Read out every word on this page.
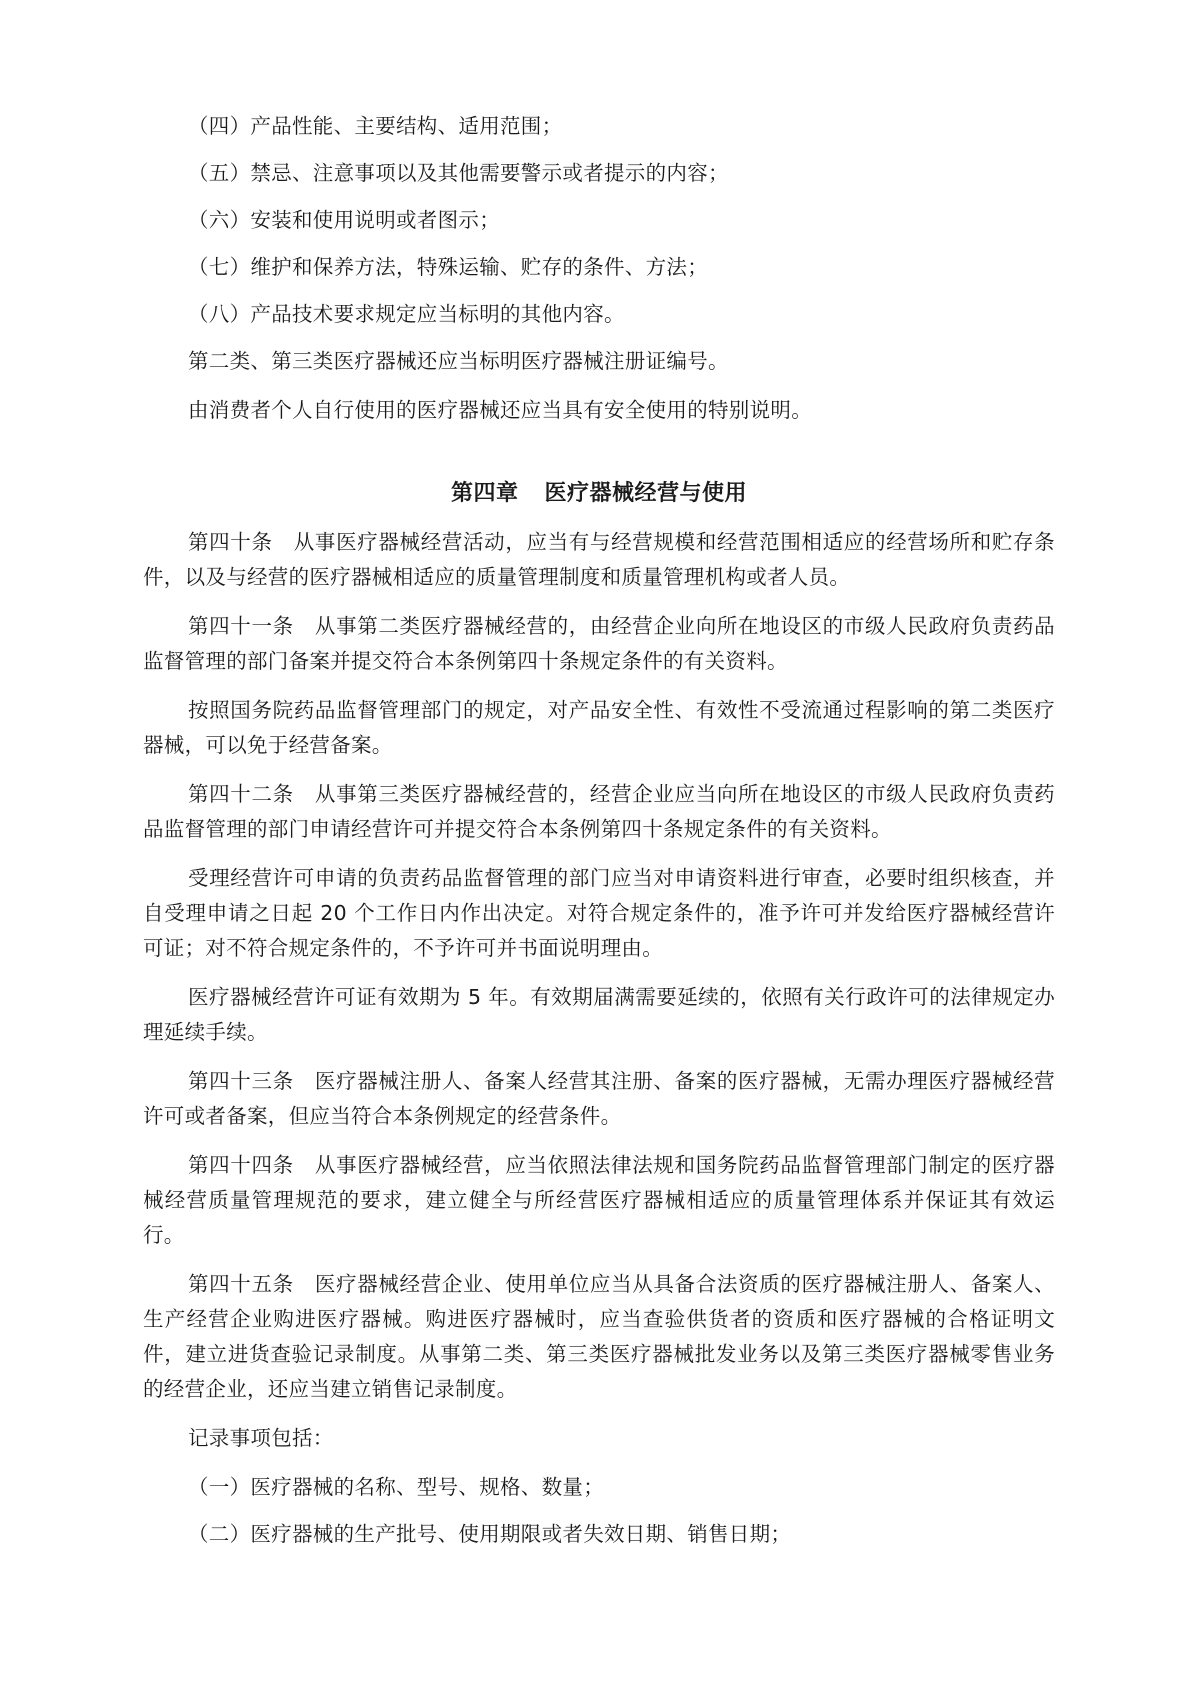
（四）产品性能、主要结构、适用范围；

（五）禁忌、注意事项以及其他需要警示或者提示的内容；

（六）安装和使用说明或者图示；

（七）维护和保养方法，特殊运输、贮存的条件、方法；

（八）产品技术要求规定应当标明的其他内容。

第二类、第三类医疗器械还应当标明医疗器械注册证编号。

由消费者个人自行使用的医疗器械还应当具有安全使用的特别说明。

第四章 医疗器械经营与使用

第四十条　从事医疗器械经营活动，应当有与经营规模和经营范围相适应的经营场所和贮存条件，以及与经营的医疗器械相适应的质量管理制度和质量管理机构或者人员。

第四十一条　从事第二类医疗器械经营的，由经营企业向所在地设区的市级人民政府负责药品监督管理的部门备案并提交符合本条例第四十条规定条件的有关资料。

按照国务院药品监督管理部门的规定，对产品安全性、有效性不受流通过程影响的第二类医疗器械，可以免于经营备案。

第四十二条　从事第三类医疗器械经营的，经营企业应当向所在地设区的市级人民政府负责药品监督管理的部门申请经营许可并提交符合本条例第四十条规定条件的有关资料。

受理经营许可申请的负责药品监督管理的部门应当对申请资料进行审查，必要时组织核查，并自受理申请之日起 20 个工作日内作出决定。对符合规定条件的，准予许可并发给医疗器械经营许可证；对不符合规定条件的，不予许可并书面说明理由。

医疗器械经营许可证有效期为 5 年。有效期届满需要延续的，依照有关行政许可的法律规定办理延续手续。

第四十三条　医疗器械注册人、备案人经营其注册、备案的医疗器械，无需办理医疗器械经营许可或者备案，但应当符合本条例规定的经营条件。

第四十四条　从事医疗器械经营，应当依照法律法规和国务院药品监督管理部门制定的医疗器械经营质量管理规范的要求，建立健全与所经营医疗器械相适应的质量管理体系并保证其有效运行。

第四十五条　医疗器械经营企业、使用单位应当从具备合法资质的医疗器械注册人、备案人、生产经营企业购进医疗器械。购进医疗器械时，应当查验供货者的资质和医疗器械的合格证明文件，建立进货查验记录制度。从事第二类、第三类医疗器械批发业务以及第三类医疗器械零售业务的经营企业，还应当建立销售记录制度。

记录事项包括：

（一）医疗器械的名称、型号、规格、数量；

（二）医疗器械的生产批号、使用期限或者失效日期、销售日期；
